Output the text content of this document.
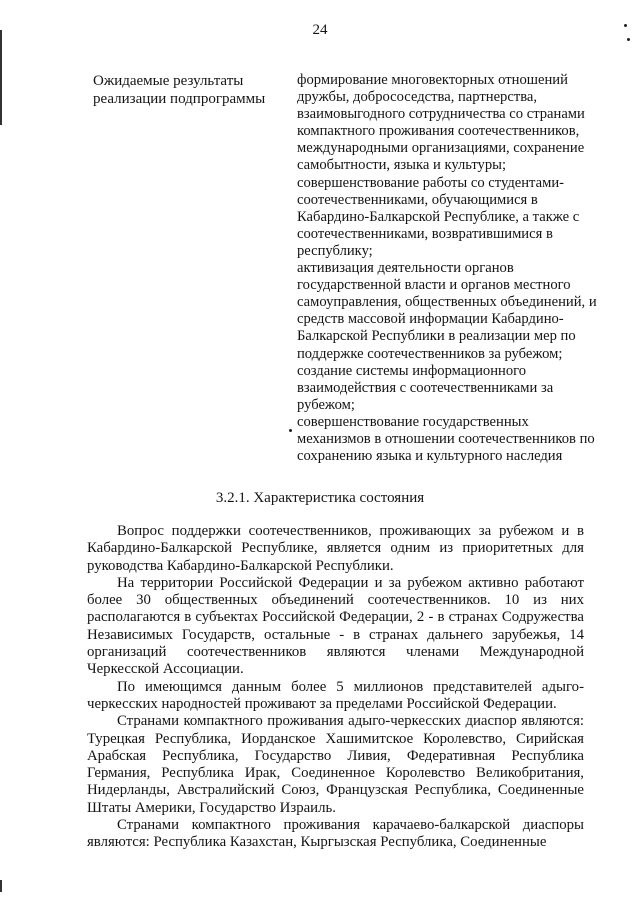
24
Ожидаемые результаты реализации подпрограммы
формирование многовекторных отношений дружбы, добрососедства, партнерства, взаимовыгодного сотрудничества со странами компактного проживания соотечественников, международными организациями, сохранение самобытности, языка и культуры;
совершенствование работы со студентами-соотечественниками, обучающимися в Кабардино-Балкарской Республике, а также с соотечественниками, возвратившимися в республику;
активизация деятельности органов государственной власти и органов местного самоуправления, общественных объединений, и средств массовой информации Кабардино-Балкарской Республики в реализации мер по поддержке соотечественников за рубежом;
создание системы информационного взаимодействия с соотечественниками за рубежом;
совершенствование государственных механизмов в отношении соотечественников по сохранению языка и культурного наследия
3.2.1. Характеристика состояния

Вопрос поддержки соотечественников, проживающих за рубежом и в Кабардино-Балкарской Республике, является одним из приоритетных для руководства Кабардино-Балкарской Республики.

На территории Российской Федерации и за рубежом активно работают более 30 общественных объединений соотечественников. 10 из них располагаются в субъектах Российской Федерации, 2 - в странах Содружества Независимых Государств, остальные - в странах дальнего зарубежья, 14 организаций соотечественников являются членами Международной Черкесской Ассоциации.

По имеющимся данным более 5 миллионов представителей адыго-черкесских народностей проживают за пределами Российской Федерации.

Странами компактного проживания адыго-черкесских диаспор являются: Турецкая Республика, Иорданское Хашимитское Королевство, Сирийская Арабская Республика, Государство Ливия, Федеративная Республика Германия, Республика Ирак, Соединенное Королевство Великобритания, Нидерланды, Австралийский Союз, Французская Республика, Соединенные Штаты Америки, Государство Израиль.

Странами компактного проживания карачаево-балкарской диаспоры являются: Республика Казахстан, Кыргызская Республика, Соединенные
